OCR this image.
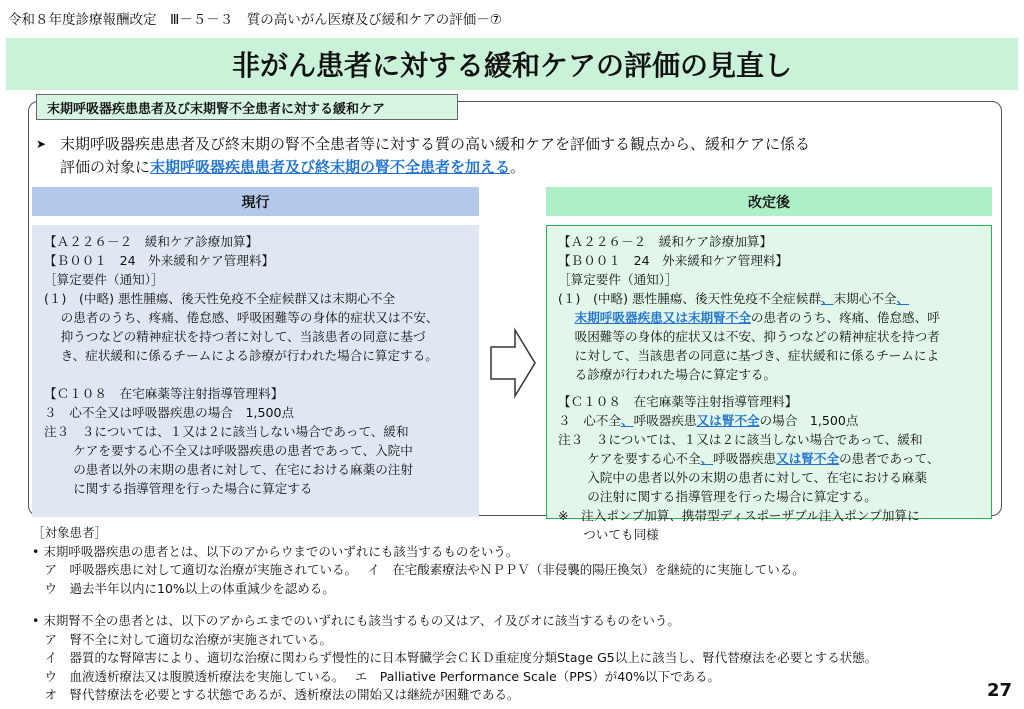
令和８年度診療報酬改定　Ⅲ－５－３　質の高いがん医療及び緩和ケアの評価－⑦
非がん患者に対する緩和ケアの評価の見直し
末期呼吸器疾患患者及び末期腎不全患者に対する緩和ケア
➤ 末期呼吸器疾患患者及び終末期の腎不全患者等に対する質の高い緩和ケアを評価する観点から、緩和ケアに係る
評価の対象に末期呼吸器疾患患者及び終末期の腎不全患者を加える。
現行	改定後
【Ａ２２６－２　緩和ケア診療加算】
【Ｂ００１　24　外来緩和ケア管理料】
［算定要件（通知）］
(１)　(中略) 悪性腫瘍、後天性免疫不全症候群又は末期心不全
　 の患者のうち、疼痛、倦怠感、呼吸困難等の身体的症状又は不安、
　 抑うつなどの精神症状を持つ者に対して、当該患者の同意に基づ
　 き、症状緩和に係るチームによる診療が行われた場合に算定する。
【Ｃ１０８　在宅麻薬等注射指導管理料】
３　心不全又は呼吸器疾患の場合　1,500点
注３　３については、１又は２に該当しない場合であって、緩和
　　 ケアを要する心不全又は呼吸器疾患の患者であって、入院中
　　 の患者以外の末期の患者に対して、在宅における麻薬の注射
　　 に関する指導管理を行った場合に算定する
【Ａ２２６－２　緩和ケア診療加算】
【Ｂ００１　24　外来緩和ケア管理料】
［算定要件（通知）］
(１)　(中略) 悪性腫瘍、後天性免疫不全症候群、末期心不全、
　 末期呼吸器疾患又は末期腎不全の患者のうち、疼痛、倦怠感、呼
　 吸困難等の身体的症状又は不安、抑うつなどの精神症状を持つ者
　 に対して、当該患者の同意に基づき、症状緩和に係るチームによ
　 る診療が行われた場合に算定する。
【Ｃ１０８　在宅麻薬等注射指導管理料】
３　心不全、呼吸器疾患又は腎不全の場合　1,500点
注３　３については、１又は２に該当しない場合であって、緩和
　　 ケアを要する心不全、呼吸器疾患又は腎不全の患者であって、
　　 入院中の患者以外の末期の患者に対して、在宅における麻薬
　　 の注射に関する指導管理を行った場合に算定する。
※　注入ポンプ加算、携帯型ディスポーザブル注入ポンプ加算に
　　ついても同様
［対象患者］
• 末期呼吸器疾患の患者とは、以下のアからウまでのいずれにも該当するものをいう。
　ア　呼吸器疾患に対して適切な治療が実施されている。　 イ　在宅酸素療法やＮＰＰＶ（非侵襲的陽圧換気）を継続的に実施している。
　ウ　過去半年以内に10%以上の体重減少を認める。
• 末期腎不全の患者とは、以下のアからエまでのいずれにも該当するもの又はア、イ及びオに該当するものをいう。
　ア　腎不全に対して適切な治療が実施されている。
　イ　器質的な腎障害により、適切な治療に関わらず慢性的に日本腎臓学会ＣＫＤ重症度分類Stage G5以上に該当し、腎代替療法を必要とする状態。
　ウ　血液透析療法又は腹膜透析療法を実施している。　 エ　Palliative Performance Scale（PPS）が40%以下である。
　オ　腎代替療法を必要とする状態であるが、透析療法の開始又は継続が困難である。	27
